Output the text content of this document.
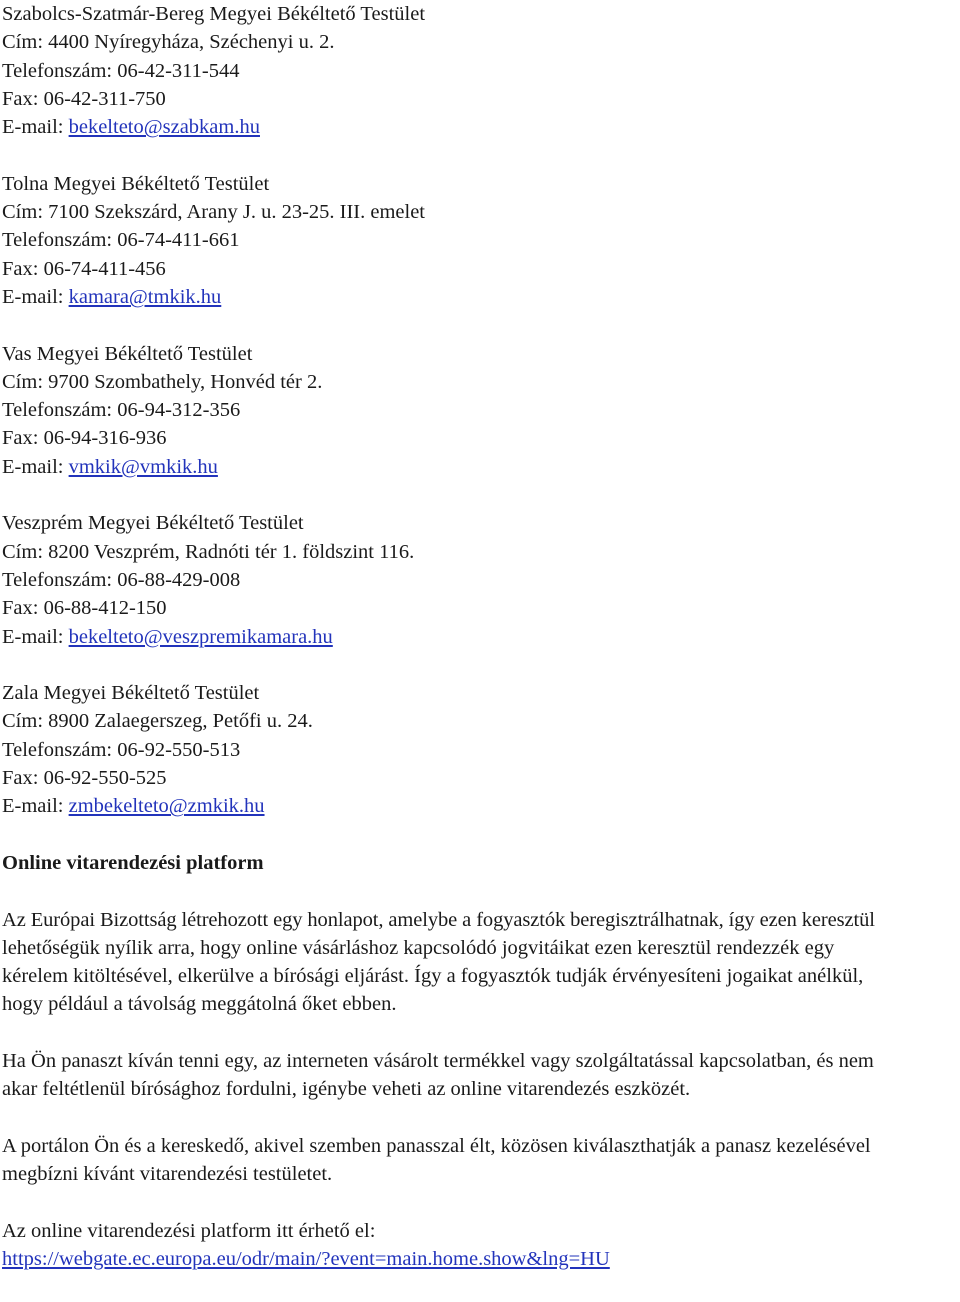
Szabolcs-Szatmár-Bereg Megyei Békéltető Testület
Cím: 4400 Nyíregyháza, Széchenyi u. 2.
Telefonszám: 06-42-311-544
Fax: 06-42-311-750
E-mail: bekelteto@szabkam.hu
Tolna Megyei Békéltető Testület
Cím: 7100 Szekszárd, Arany J. u. 23-25. III. emelet
Telefonszám: 06-74-411-661
Fax: 06-74-411-456
E-mail: kamara@tmkik.hu
Vas Megyei Békéltető Testület
Cím: 9700 Szombathely, Honvéd tér 2.
Telefonszám: 06-94-312-356
Fax: 06-94-316-936
E-mail: vmkik@vmkik.hu
Veszprém Megyei Békéltető Testület
Cím: 8200 Veszprém, Radnóti tér 1. földszint 116.
Telefonszám: 06-88-429-008
Fax: 06-88-412-150
E-mail: bekelteto@veszpremikamara.hu
Zala Megyei Békéltető Testület
Cím: 8900 Zalaegerszeg, Petőfi u. 24.
Telefonszám: 06-92-550-513
Fax: 06-92-550-525
E-mail: zmbekelteto@zmkik.hu
Online vitarendezési platform
Az Európai Bizottság létrehozott egy honlapot, amelybe a fogyasztók beregisztrálhatnak, így ezen keresztül
lehetőségük nyílik arra, hogy online vásárláshoz kapcsolódó jogvitáikat ezen keresztül rendezzék egy
kérelem kitöltésével, elkerülve a bírósági eljárást. Így a fogyasztók tudják érvényesíteni jogaikat anélkül,
hogy például a távolság meggátolná őket ebben.
Ha Ön panaszt kíván tenni egy, az interneten vásárolt termékkel vagy szolgáltatással kapcsolatban, és nem
akar feltétlenül bírósághoz fordulni, igénybe veheti az online vitarendezés eszközét.
A portálon Ön és a kereskedő, akivel szemben panasszal élt, közösen kiválaszthatják a panasz kezelésével
megbízni kívánt vitarendezési testületet.
Az online vitarendezési platform itt érhető el:
https://webgate.ec.europa.eu/odr/main/?event=main.home.show&lng=HU
